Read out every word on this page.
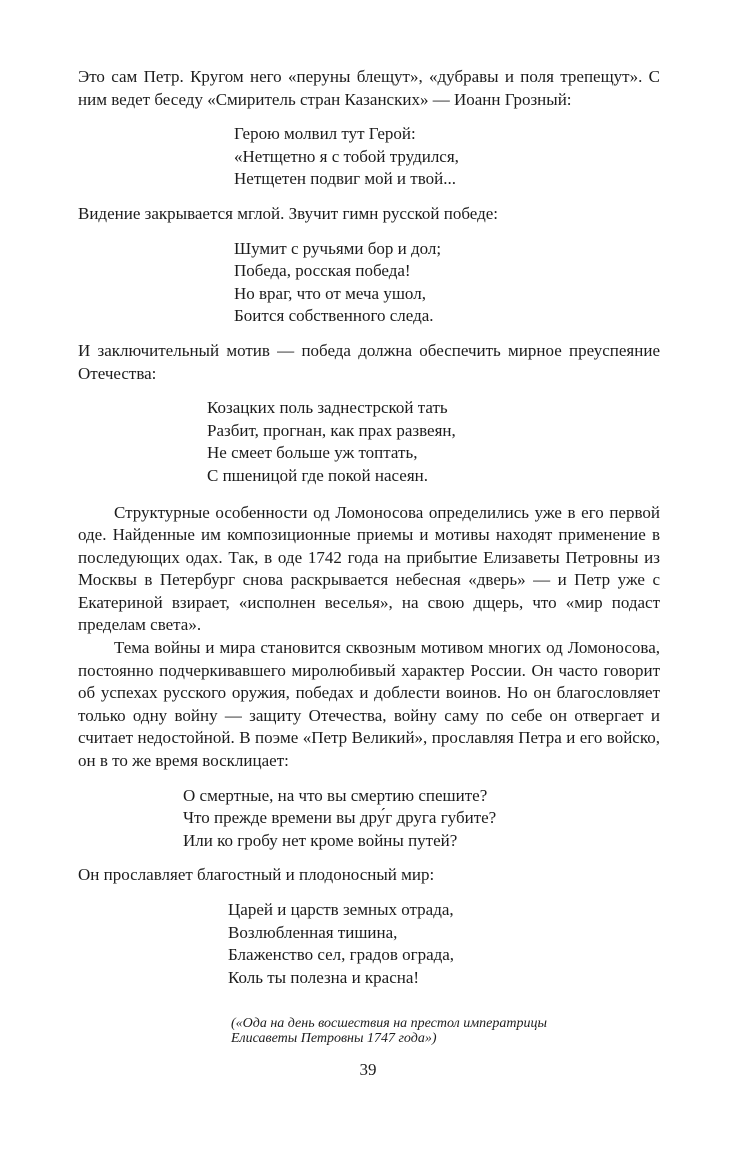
Это сам Петр. Кругом него «перуны блещут», «дубравы и поля трепещут». С ним ведет беседу «Смиритель стран Казанских» — Иоанн Грозный:

Герою молвил тут Герой:
«Нетщетно я с тобой трудился,
Нетщетен подвиг мой и твой...

Видение закрывается мглой. Звучит гимн русской победе:

Шумит с ручьями бор и дол;
Победа, росская победа!
Но враг, что от меча ушол,
Боится собственного следа.

И заключительный мотив — победа должна обеспечить мирное преуспеяние Отечества:

Козацких поль заднестрской тать
Разбит, прогнан, как прах развеян,
Не смеет больше уж топтать,
С пшеницой где покой насеян.

Структурные особенности од Ломоносова определились уже в его первой оде. Найденные им композиционные приемы и мотивы находят применение в последующих одах. Так, в оде 1742 года на прибытие Елизаветы Петровны из Москвы в Петербург снова раскрывается небесная «дверь» — и Петр уже с Екатериной взирает, «исполнен веселья», на свою дщерь, что «мир подаст пределам света».

Тема войны и мира становится сквозным мотивом многих од Ломоносова, постоянно подчеркивавшего миролюбивый характер России. Он часто говорит об успехах русского оружия, победах и доблести воинов. Но он благословляет только одну войну — защиту Отечества, войну саму по себе он отвергает и считает недостойной. В поэме «Петр Великий», прославляя Петра и его войско, он в то же время восклицает:

О смертные, на что вы смертию спешите?
Что прежде времени вы дру́г друга губите?
Или ко гробу нет кроме войны путей?

Он прославляет благостный и плодоносный мир:

Царей и царств земных отрада,
Возлюбленная тишина,
Блаженство сел, градов ограда,
Коль ты полезна и красна!
(«Ода на день восшествия на престол императрицы
Елисаветы Петровны 1747 года»)
39
